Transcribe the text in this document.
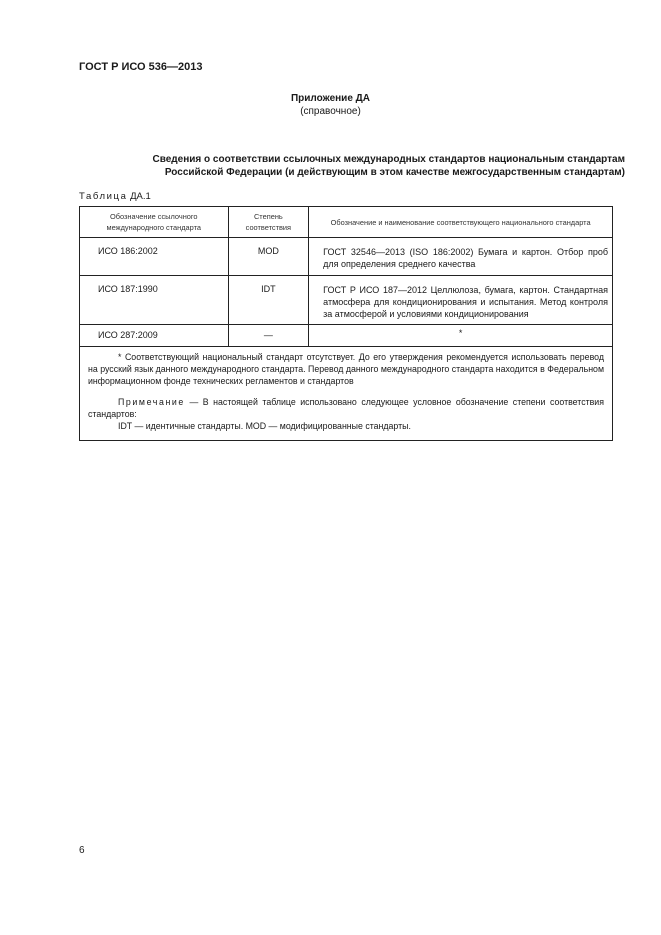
ГОСТ Р ИСО 536—2013
Приложение ДА
(справочное)
Сведения о соответствии ссылочных международных стандартов национальным стандартам
Российской Федерации (и действующим в этом качестве межгосударственным стандартам)
Таблица ДА.1
Обозначение ссылочного международного стандарта	Степень соответствия	Обозначение и наименование соответствующего национального стандарта
ИСО 186:2002	MOD	ГОСТ 32546—2013 (ISO 186:2002) Бумага и картон. Отбор проб для определения среднего качества
ИСО 187:1990	IDT	ГОСТ Р ИСО 187—2012 Целлюлоза, бумага, картон. Стандартная атмосфера для кондиционирования и испытания. Метод контроля за атмосферой и условиями кондиционирования
ИСО 287:2009	—	*

* Соответствующий национальный стандарт отсутствует. До его утверждения рекомендуется использовать перевод на русский язык данного международного стандарта. Перевод данного международного стандарта находится в Федеральном информационном фонде технических регламентов и стандартов

Примечание — В настоящей таблице использовано следующее условное обозначение степени соответствия стандартов:

IDT — идентичные стандарты. MOD — модифицированные стандарты.		

6
